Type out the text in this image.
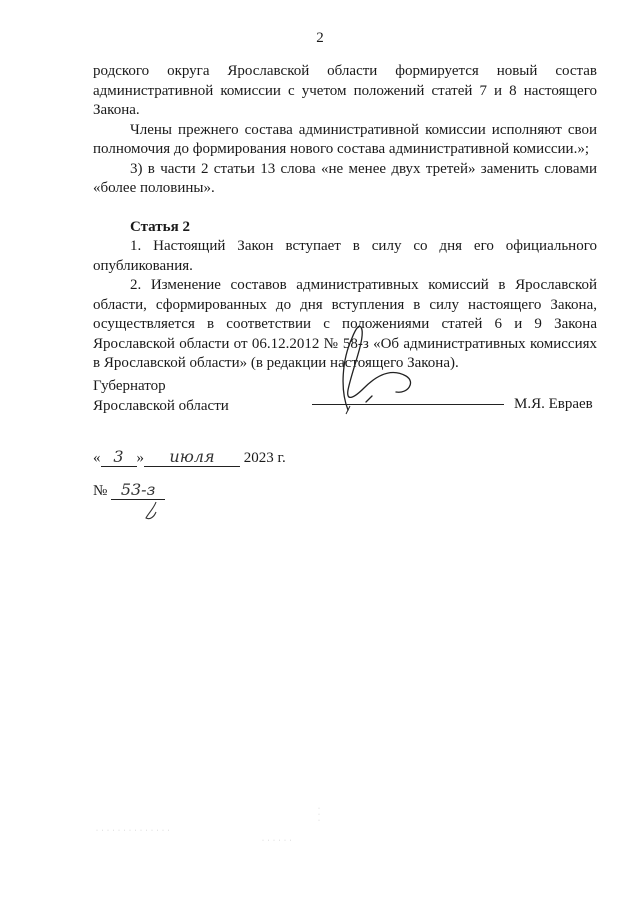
2

родского округа Ярославской области формируется новый состав административной комиссии с учетом положений статей 7 и 8 настоящего Закона.

Члены прежнего состава административной комиссии исполняют свои полномочия до формирования нового состава административной комиссии.»;

3) в части 2 статьи 13 слова «не менее двух третей» заменить словами «более половины».

Статья 2

1. Настоящий Закон вступает в силу со дня его официального опубликования.

2. Изменение составов административных комиссий в Ярославской области, сформированных до дня вступления в силу настоящего Закона, осуществляется в соответствии с положениями статей 6 и 9 Закона Ярославской области от 06.12.2012 № 58-з «Об административных комиссиях в Ярославской области» (в редакции настоящего Закона).

Губернатор
Ярославской области	М.Я. Евраев
« 3 » июля 2023 г.
№ 53-з
· · · · · · · · · · · · · ·
·
·
·
· · · · · ·
